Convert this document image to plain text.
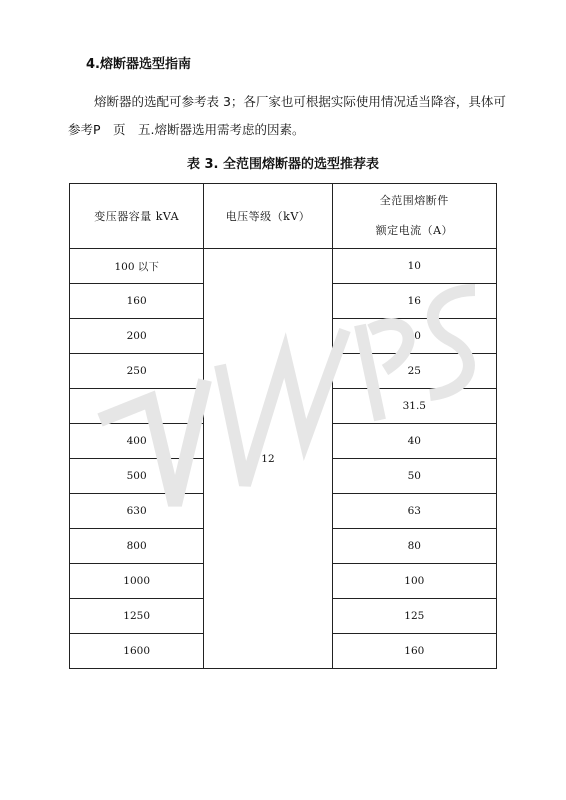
4.熔断器选型指南
熔断器的选配可参考表 3；各厂家也可根据实际使用情况适当降容，具体可
参考P　页　五.熔断器选用需考虑的因素。
表 3. 全范围熔断器的选型推荐表
变压器容量 kVA	电压等级（kV）	全范围熔断件
额定电流（A）

100 以下	12	10
160		16
200		20
250		25
315		31.5
400		40
500		50
630		63
800		80
1000		100
1250		125
1600		160
